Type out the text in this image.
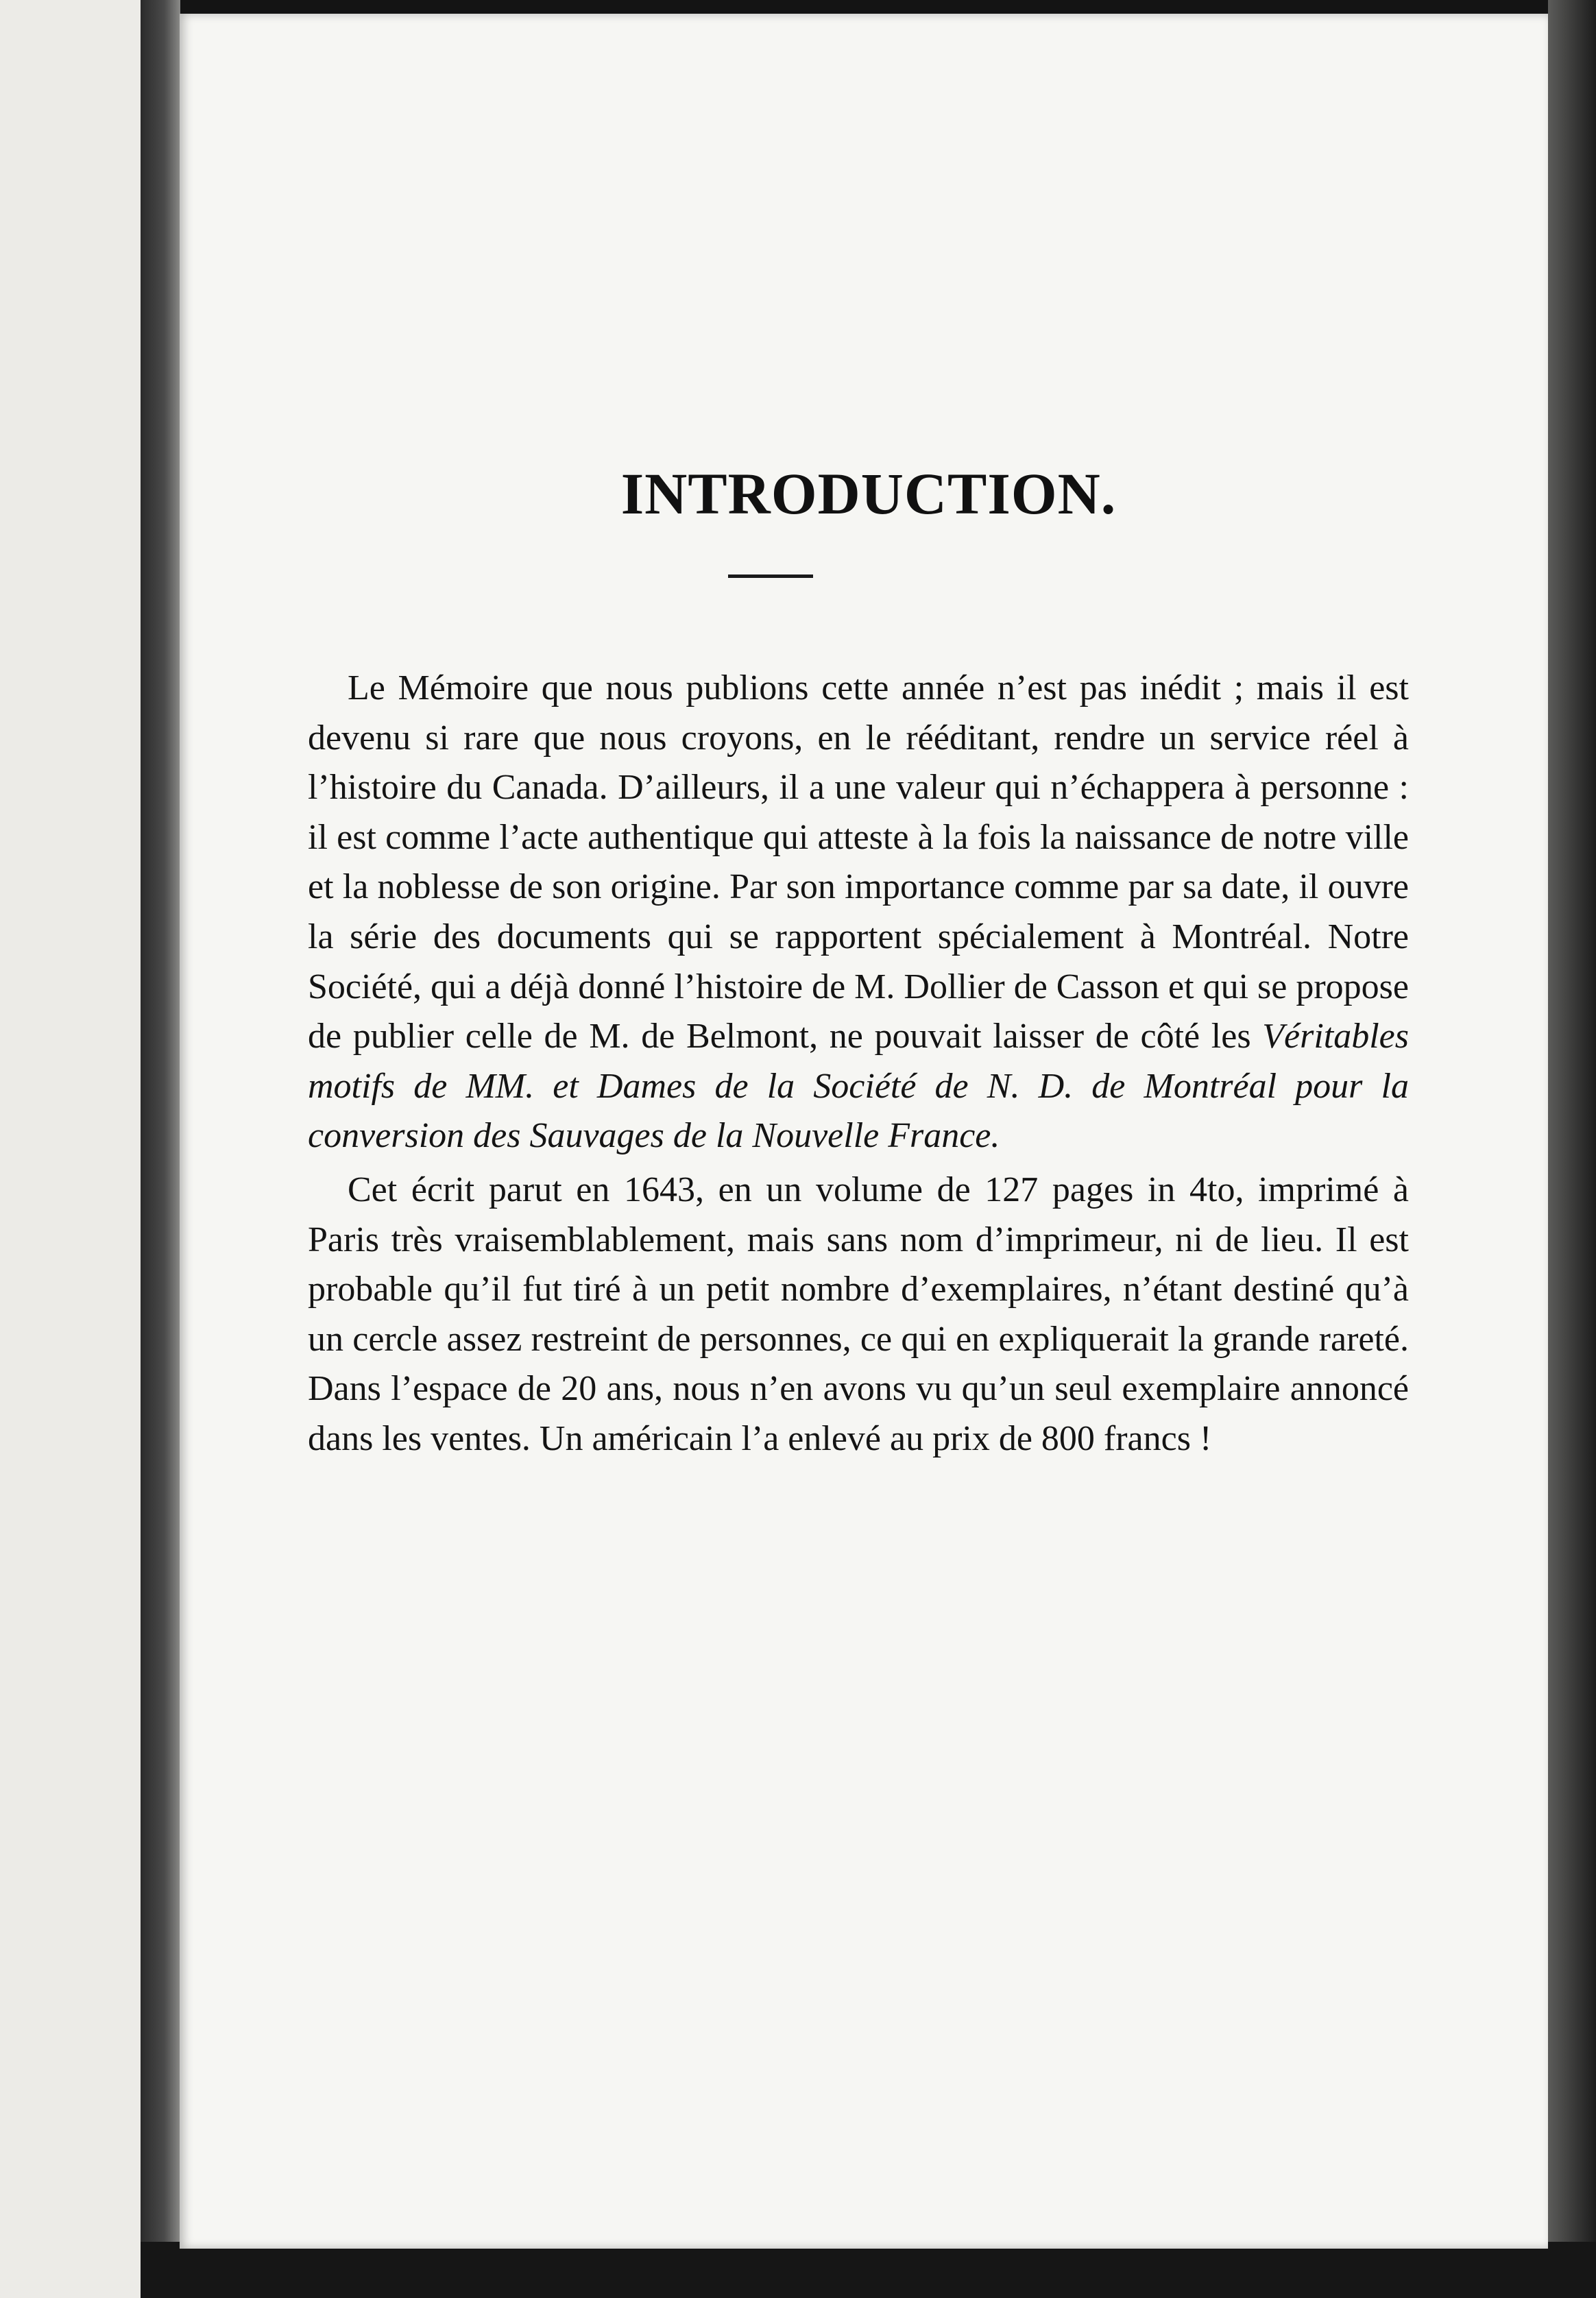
INTRODUCTION.

Le Mémoire que nous publions cette année n’est pas inédit ; mais il est devenu si rare que nous croyons, en le rééditant, rendre un service réel à l’histoire du Canada. D’ailleurs, il a une valeur qui n’échappera à personne : il est comme l’acte authentique qui atteste à la fois la naissance de notre ville et la noblesse de son origine. Par son importance comme par sa date, il ouvre la série des documents qui se rapportent spécialement à Montréal. Notre Société, qui a déjà donné l’histoire de M. Dollier de Casson et qui se propose de publier celle de M. de Belmont, ne pouvait laisser de côté les Véritables motifs de MM. et Dames de la Société de N. D. de Montréal pour la conversion des Sauvages de la Nouvelle France.

Cet écrit parut en 1643, en un volume de 127 pages in 4to, imprimé à Paris très vraisemblablement, mais sans nom d’imprimeur, ni de lieu. Il est probable qu’il fut tiré à un petit nombre d’exemplaires, n’étant destiné qu’à un cercle assez restreint de personnes, ce qui en expliquerait la grande rareté. Dans l’espace de 20 ans, nous n’en avons vu qu’un seul exemplaire annoncé dans les ventes. Un américain l’a enlevé au prix de 800 francs !
